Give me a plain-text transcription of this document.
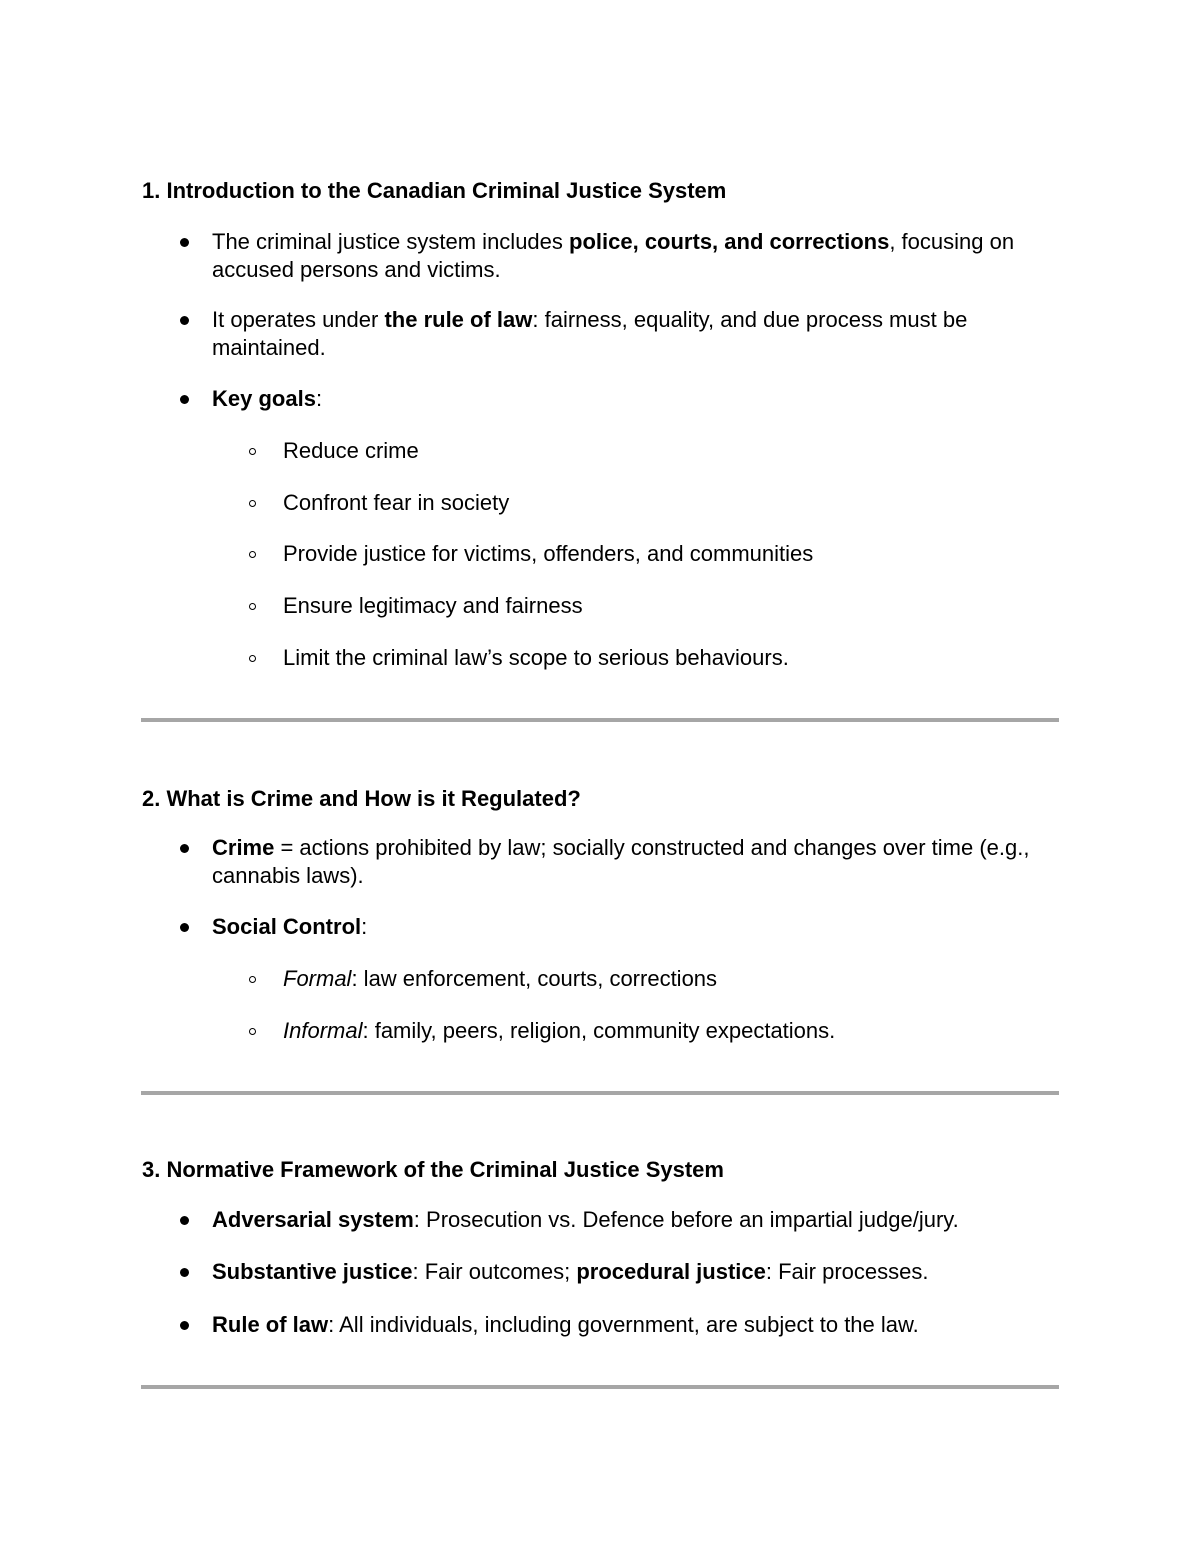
1. Introduction to the Canadian Criminal Justice System
The criminal justice system includes police, courts, and corrections, focusing on accused persons and victims.
It operates under the rule of law: fairness, equality, and due process must be maintained.
Key goals:
Reduce crime
Confront fear in society
Provide justice for victims, offenders, and communities
Ensure legitimacy and fairness
Limit the criminal law’s scope to serious behaviours.
2. What is Crime and How is it Regulated?
Crime = actions prohibited by law; socially constructed and changes over time (e.g., cannabis laws).
Social Control:
Formal: law enforcement, courts, corrections
Informal: family, peers, religion, community expectations.
3. Normative Framework of the Criminal Justice System
Adversarial system: Prosecution vs. Defence before an impartial judge/jury.
Substantive justice: Fair outcomes; procedural justice: Fair processes.
Rule of law: All individuals, including government, are subject to the law.
